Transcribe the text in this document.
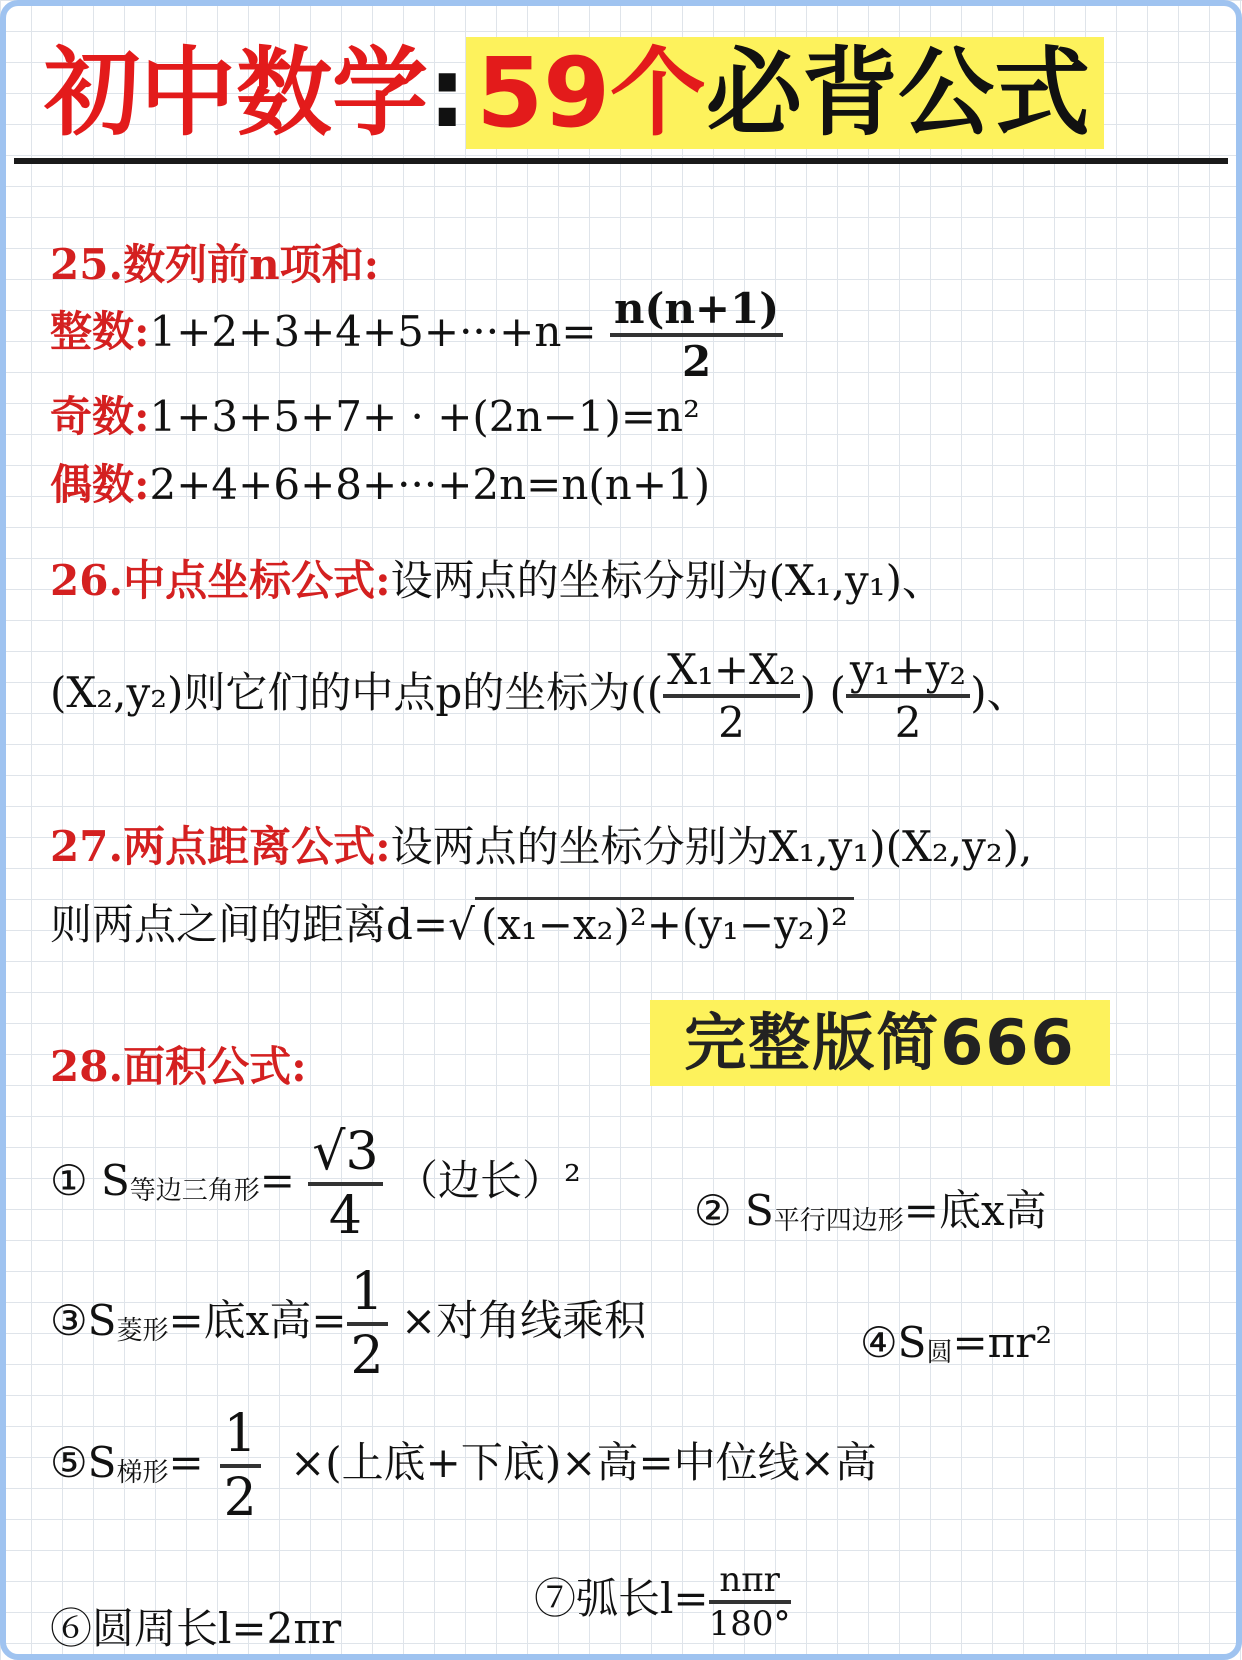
初中数学: 59个必背公式
25.数列前n项和:
整数:1+2+3+4+5+···+n= $\frac{n(n+1)}{2}$
奇数:1+3+5+7+ · +(2n−1)=n²
偶数:2+4+6+8+···+2n=n(n+1)
26.中点坐标公式:设两点的坐标分别为(X₁,y₁)、
(X₂,y₂)则它们的中点p的坐标为(( $\frac{\text{X₁+X₂}}{2}$ ) ( $\frac{\text{y₁+y₂}}{2}$ )、
27.两点距离公式:设两点的坐标分别为X₁,y₁)(X₂,y₂),
则两点之间的距离d=√ (x₁−x₂)²+(y₁−y₂)²
28.面积公式:	完整版简666
① $S_{等边三角形}= \frac{√3}{4}$ （边长）²
② $S_{平行四边形}=$底x高
$③S_{菱形}=$底x高= $\frac{1}{2}$ ×对角线乘积	$④S_圆=\pi r^2$
$⑤S_{梯形}= \frac{1}{2}$ ×(上底+下底)×高=中位线×高
⑥圆周长l=2πr
⑦弧长$l= \frac{\text{nπr}}{180^\circ}$
